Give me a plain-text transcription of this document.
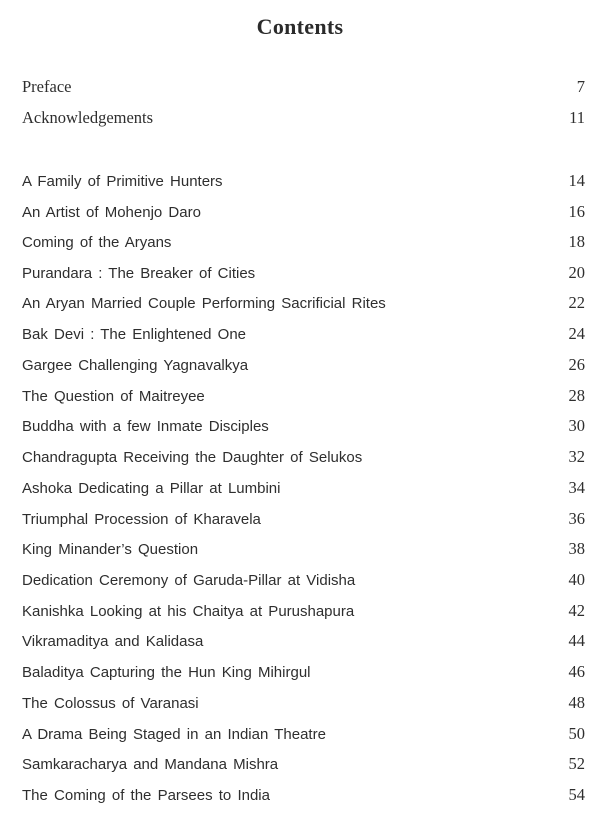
Contents
Preface	7
Acknowledgements	11
A Family of Primitive Hunters	14
An Artist of Mohenjo Daro	16
Coming of the Aryans	18
Purandara : The Breaker of Cities	20
An Aryan Married Couple Performing Sacrificial Rites	22
Bak Devi : The Enlightened One	24
Gargee Challenging Yagnavalkya	26
The Question of Maitreyee	28
Buddha with a few Inmate Disciples	30
Chandragupta Receiving the Daughter of Selukos	32
Ashoka Dedicating a Pillar at Lumbini	34
Triumphal Procession of Kharavela	36
King Minander’s Question	38
Dedication Ceremony of Garuda-Pillar at Vidisha	40
Kanishka Looking at his Chaitya at Purushapura	42
Vikramaditya and Kalidasa	44
Baladitya Capturing the Hun King Mihirgul	46
The Colossus of Varanasi	48
A Drama Being Staged in an Indian Theatre	50
Samkaracharya and Mandana Mishra	52
The Coming of the Parsees to India	54
